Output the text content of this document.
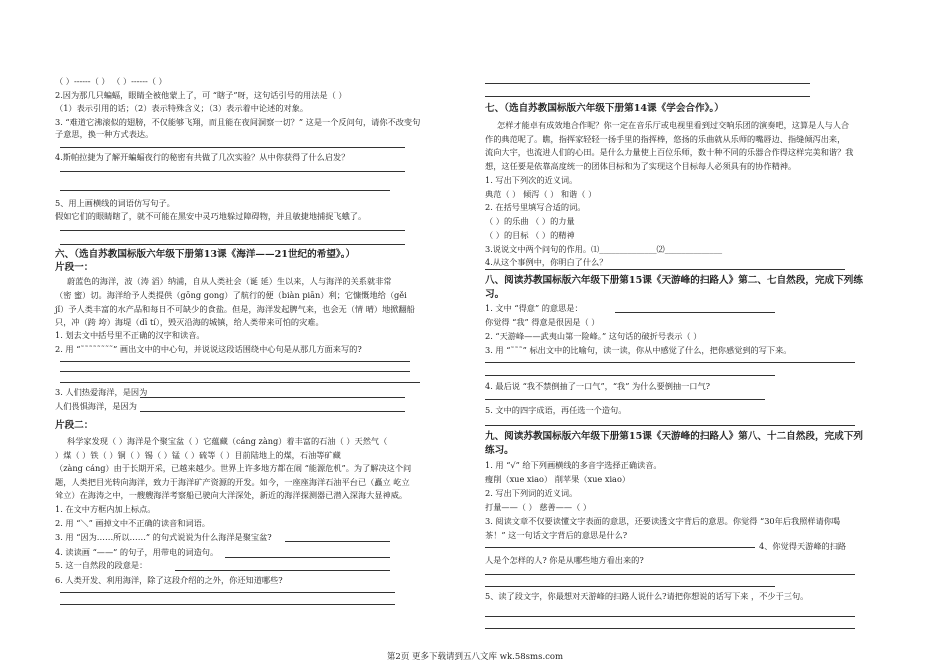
（ ）------（ ） （ ）------（ ）
2.因为那几只蝙蝠，眼睛全被他蒙上了，可 “瞎子”呀，这句话引号的用法是（ ）
（1）表示引用的话；（2）表示特殊含义；（3）表示着中论述的对象。
3. “难道它沸滚似的翅膀，不仅能够飞翔，而且能在夜间洞察一切？” 这是一个反问句，请你不改变句
子意思，换一种方式表达。
4.斯帕拉捷为了解开蝙蝠夜行的秘密有共做了几次实验？从中你获得了什么启发？
5、用上画横线的词语仿写句子。
假如它们的眼睛瞎了，就不可能在黑安中灵巧地躲过障碍物，并且敏捷地捕捉飞蛾了。
六、（选自苏教国标版六年级下册第13课《海洋——21世纪的希望》。）
片段一：
蔚蓝色的海洋，波（涛 滔）纳浦，自从人类社会（诞 延）生以来，人与海洋的关系就非常
（密 蜜）切。海洋给予人类提供（gōng gong）了航行的便（biàn piān）利；它慷慨地给（gěi
jǐ）予人类丰富的水产品和每日不可缺少的食盐。但是，海洋发起脾气来，也会无（情 晴）地掀翻船
只，冲（跨 垮）海堤（dī tí），毁灭沿海的城镇，给人类带来可怕的灾难。
1. 划去文中括号里不正确的汉字和读音。
2. 用 “˜˜˜˜˜˜˜˜” 画出文中的中心句，并说说这段话围绕中心句是从那几方面来写的?
3. 人们热爱海洋，是因为
人们畏惧海洋，是因为
片段二：
科学家发现（ ）海洋是个聚宝盆（ ）它蕴藏（cáng zàng）着丰富的石油（ ）天然气（
）煤（ ）铁（ ）铜（ ）锡（ ）锰（ ）硫等（ ）目前陆地上的煤，石油等矿藏
（zàng cáng）由于长期开采，已越来越少。世界上许多地方都在闹 “能源危机”。为了解决这个问
题，人类把目光转向海洋，致力于海洋矿产资源的开发。如今，一座座海洋石油平台已（矗立 屹立
耸立）在海涛之中，一艘艘海洋考察船已驶向大洋深处，新近的海洋探测器已潜入深海大显神威。
1. 在文中方框内加上标点。
2. 用 “＼” 画掉文中不正确的读音和词语。
3. 用 “因为……所以……” 的句式说说为什么海洋是聚宝盆?
4. 读读画 “——” 的句子，用带电的词造句。
5. 这一自然段的段意是：
6. 人类开发、利用海洋，除了这段介绍的之外，你还知道哪些?
七、（选自苏教国标版六年级下册第14课《学会合作》。）
怎样才能卓有成效地合作呢？你一定在音乐厅或电视里看到过交响乐团的演奏吧，这算是人与人合
作的典范呢了。瞧，指挥家轻轻一扬手里的指挥棒，悠扬的乐曲就从乐师的嘴唇边、指缝倾泻出来，
流向大宇，也流进人们的心田。是什么力量使上百位乐师，数十种不同的乐器合作得这样完美和谐？我
想，这任要是依靠高度统一的团体目标和为了实现这个目标每人必须具有的协作精神。
1. 写出下列次的近义词。
典范（ ） 倾泻（ ） 和谐（ ）
2. 在括号里填写合适的词。
（ ）的乐曲 （ ）的力量
（ ）的目标 （ ）的精神
3.说说文中两个问句的作用。⑴______________⑵______________
4.从这个事例中，你明白了什么？
八、阅读苏教国标版六年级下册第15课《天游峰的扫路人》第二、七自然段，完成下列练
习。
1. 文中 “得意” 的意思是：
你觉得 “我” 得意是很因是（ ）
2. “天游峰——武夷山第一险峰。” 这句话的破折号表示（ ）
3. 用 “˜˜˜” 标出文中的比喻句，读一读，你从中感觉了什么，把你感觉到的写下来。
4. 最后说 “我不禁倒抽了一口气”，“我” 为什么要倒抽一口气?
5. 文中的四字成语，再任选一个造句。
九、阅读苏教国标版六年级下册第15课《天游峰的扫路人》第八、十二自然段，完成下列
练习。
1. 用 “√” 给下列画横线的多音字选择正确读音。
瘦削（xue xiao） 削苹果（xue xiao）
2. 写出下列词的近义词。
打量——（ ） 慈善——（ ）
3. 阅读文章不仅要读懂文字表面的意思，还要读透文字背后的意思。你觉得 “30年后我照样请你喝
茶！” 这一句话文字背后的意思是什么?
4、你觉得天游峰的扫路
人是个怎样的人? 你是从哪些地方看出来的?
5、读了段文字，你最想对天游峰的扫路人说什么?请把你想说的话写下来 ，不少于三句。
第2页 更多下载请到五八文库 wk.58sms.com
